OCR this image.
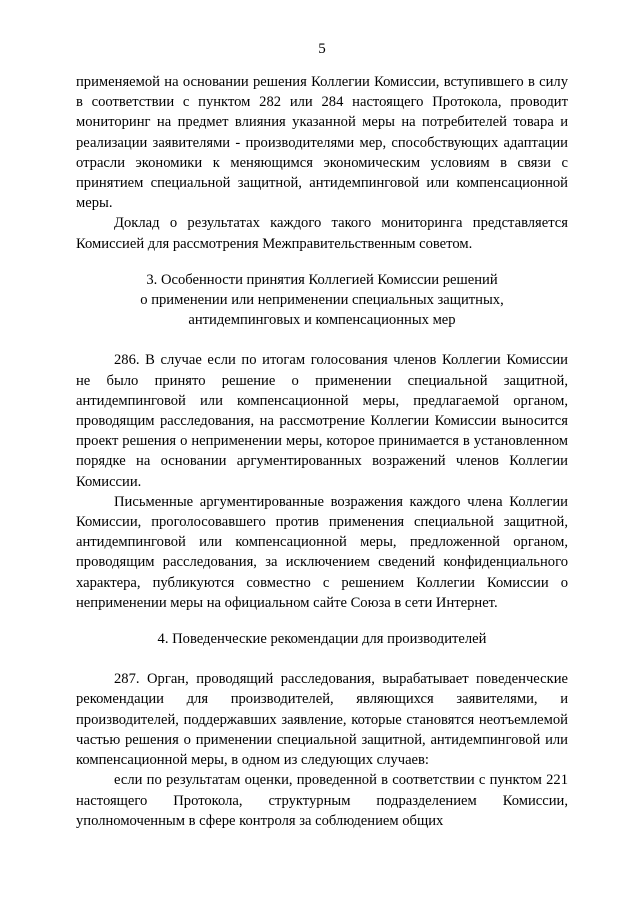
5

применяемой на основании решения Коллегии Комиссии, вступившего в силу в соответствии с пунктом 282 или 284 настоящего Протокола, проводит мониторинг на предмет влияния указанной меры на потребителей товара и реализации заявителями - производителями мер, способствующих адаптации отрасли экономики к меняющимся экономическим условиям в связи с принятием специальной защитной, антидемпинговой или компенсационной меры.

Доклад о результатах каждого такого мониторинга представляется Комиссией для рассмотрения Межправительственным советом.

3. Особенности принятия Коллегией Комиссии решений
о применении или неприменении специальных защитных,
антидемпинговых и компенсационных мер

286. В случае если по итогам голосования членов Коллегии Комиссии не было принято решение о применении специальной защитной, антидемпинговой или компенсационной меры, предлагаемой органом, проводящим расследования, на рассмотрение Коллегии Комиссии выносится проект решения о неприменении меры, которое принимается в установленном порядке на основании аргументированных возражений членов Коллегии Комиссии.

Письменные аргументированные возражения каждого члена Коллегии Комиссии, проголосовавшего против применения специальной защитной, антидемпинговой или компенсационной меры, предложенной органом, проводящим расследования, за исключением сведений конфиденциального характера, публикуются совместно с решением Коллегии Комиссии о неприменении меры на официальном сайте Союза в сети Интернет.

4. Поведенческие рекомендации для производителей

287. Орган, проводящий расследования, вырабатывает поведенческие рекомендации для производителей, являющихся заявителями, и производителей, поддержавших заявление, которые становятся неотъемлемой частью решения о применении специальной защитной, антидемпинговой или компенсационной меры, в одном из следующих случаев:

если по результатам оценки, проведенной в соответствии с пунктом 221 настоящего Протокола, структурным подразделением Комиссии, уполномоченным в сфере контроля за соблюдением общих
